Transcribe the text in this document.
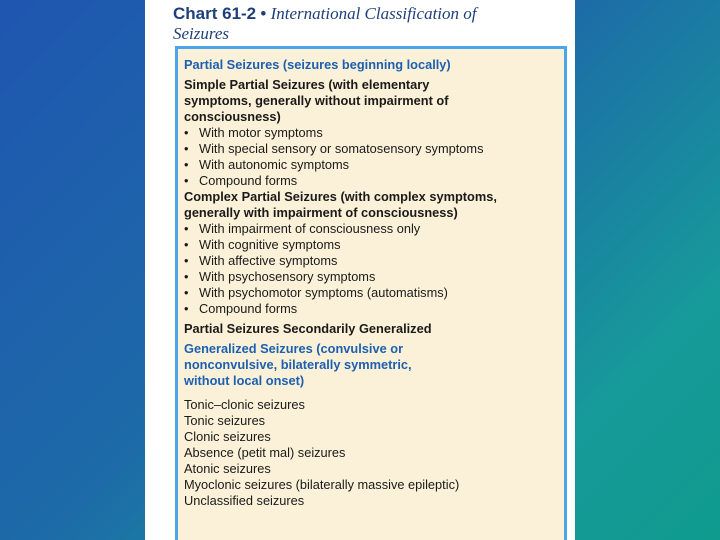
Chart 61-2 • International Classification of
Seizures
Partial Seizures (seizures beginning locally)
Simple Partial Seizures (with elementary
symptoms, generally without impairment of
consciousness)
• With motor symptoms
• With special sensory or somatosensory symptoms
• With autonomic symptoms
• Compound forms
Complex Partial Seizures (with complex symptoms,
generally with impairment of consciousness)
• With impairment of consciousness only
• With cognitive symptoms
• With affective symptoms
• With psychosensory symptoms
• With psychomotor symptoms (automatisms)
• Compound forms
Partial Seizures Secondarily Generalized
Generalized Seizures (convulsive or
nonconvulsive, bilaterally symmetric,
without local onset)
Tonic–clonic seizures
Tonic seizures
Clonic seizures
Absence (petit mal) seizures
Atonic seizures
Myoclonic seizures (bilaterally massive epileptic)
Unclassified seizures
